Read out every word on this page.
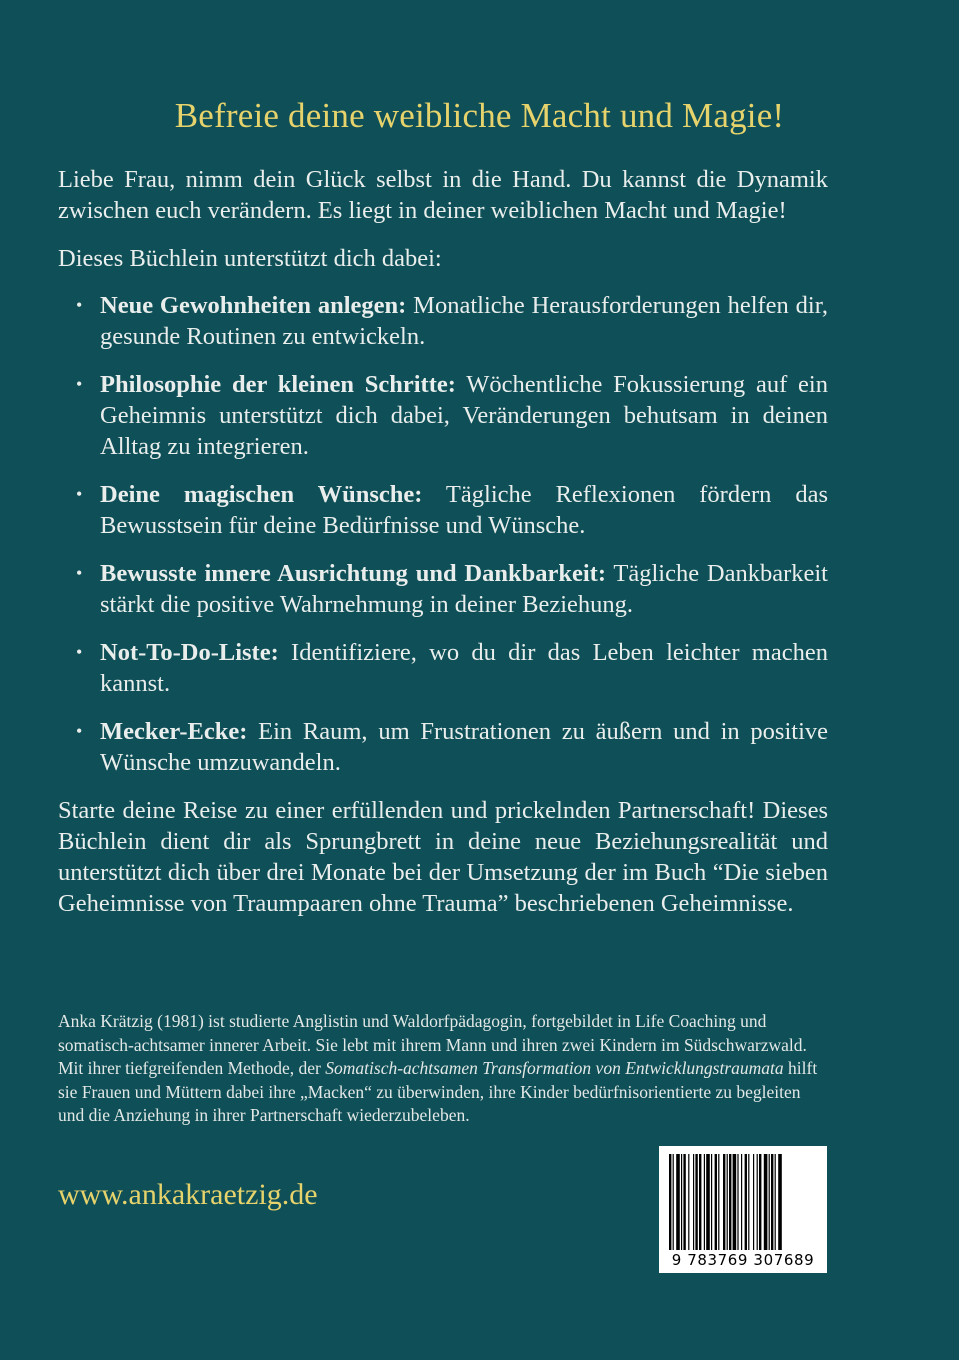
Befreie deine weibliche Macht und Magie!

Liebe Frau, nimm dein Glück selbst in die Hand. Du kannst die Dynamik zwischen euch verändern. Es liegt in deiner weiblichen Macht und Magie!

Dieses Büchlein unterstützt dich dabei:

• Neue Gewohnheiten anlegen: Monatliche Herausforderungen helfen dir, gesunde Routinen zu entwickeln.
• Philosophie der kleinen Schritte: Wöchentliche Fokussierung auf ein Geheimnis unterstützt dich dabei, Veränderungen behutsam in deinen Alltag zu integrieren.
• Deine magischen Wünsche: Tägliche Reflexionen fördern das Bewusstsein für deine Bedürfnisse und Wünsche.
• Bewusste innere Ausrichtung und Dankbarkeit: Tägliche Dankbarkeit stärkt die positive Wahrnehmung in deiner Beziehung.
• Not-To-Do-Liste: Identifiziere, wo du dir das Leben leichter machen kannst.
• Mecker-Ecke: Ein Raum, um Frustrationen zu äußern und in positive Wünsche umzuwandeln.

Starte deine Reise zu einer erfüllenden und prickelnden Partnerschaft! Dieses Büchlein dient dir als Sprungbrett in deine neue Beziehungsrealität und unterstützt dich über drei Monate bei der Umsetzung der im Buch “Die sieben Geheimnisse von Traumpaaren ohne Trauma” beschriebenen Geheimnisse.

Anka Krätzig (1981) ist studierte Anglistin und Waldorfpädagogin, fortgebildet in Life Coaching und somatisch-achtsamer innerer Arbeit. Sie lebt mit ihrem Mann und ihren zwei Kindern im Südschwarzwald. Mit ihrer tiefgreifenden Methode, der Somatisch-achtsamen Transformation von Entwicklungstraumata hilft sie Frauen und Müttern dabei ihre „Macken“ zu überwinden, ihre Kinder bedürfnisorientierte zu begleiten und die Anziehung in ihrer Partnerschaft wiederzubeleben.
www.ankakraetzig.de
9 783769 307689
